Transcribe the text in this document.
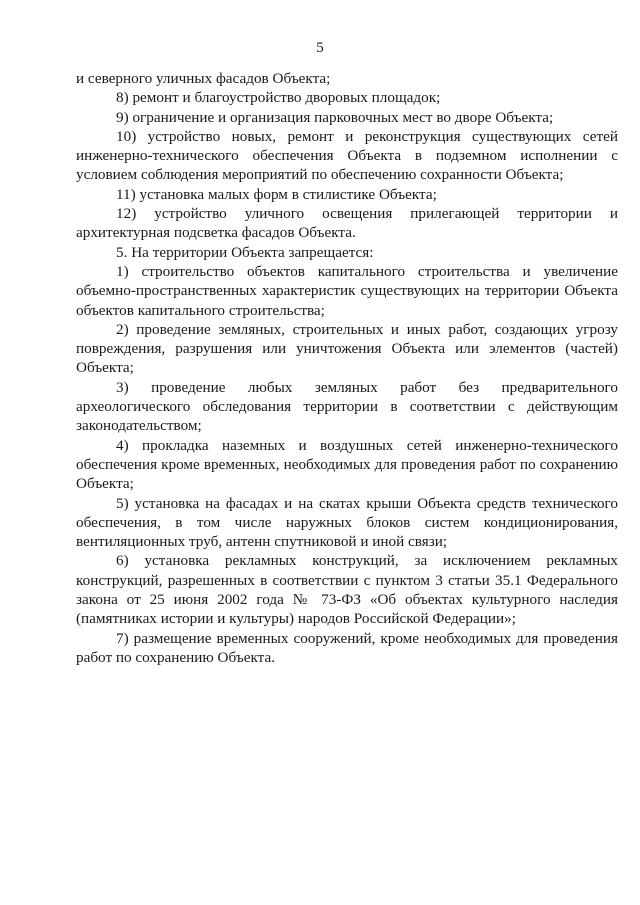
5

и северного уличных фасадов Объекта;

8) ремонт и благоустройство дворовых площадок;

9) ограничение и организация парковочных мест во дворе Объекта;

10) устройство новых, ремонт и реконструкция существующих сетей инженерно-технического обеспечения Объекта в подземном исполнении с условием соблюдения мероприятий по обеспечению сохранности Объекта;

11) установка малых форм в стилистике Объекта;

12) устройство уличного освещения прилегающей территории и архитектурная подсветка фасадов Объекта.

5. На территории Объекта запрещается:

1) строительство объектов капитального строительства и увеличение объемно-пространственных характеристик существующих на территории Объекта объектов капитального строительства;

2) проведение земляных, строительных и иных работ, создающих угрозу повреждения, разрушения или уничтожения Объекта или элементов (частей) Объекта;

3) проведение любых земляных работ без предварительного археологического обследования территории в соответствии с действующим законодательством;

4) прокладка наземных и воздушных сетей инженерно-технического обеспечения кроме временных, необходимых для проведения работ по сохранению Объекта;

5) установка на фасадах и на скатах крыши Объекта средств технического обеспечения, в том числе наружных блоков систем кондиционирования, вентиляционных труб, антенн спутниковой и иной связи;

6) установка рекламных конструкций, за исключением рекламных конструкций, разрешенных в соответствии с пунктом 3 статьи 35.1 Федерального закона от 25 июня 2002 года № 73-ФЗ «Об объектах культурного наследия (памятниках истории и культуры) народов Российской Федерации»;

7) размещение временных сооружений, кроме необходимых для проведения работ по сохранению Объекта.
